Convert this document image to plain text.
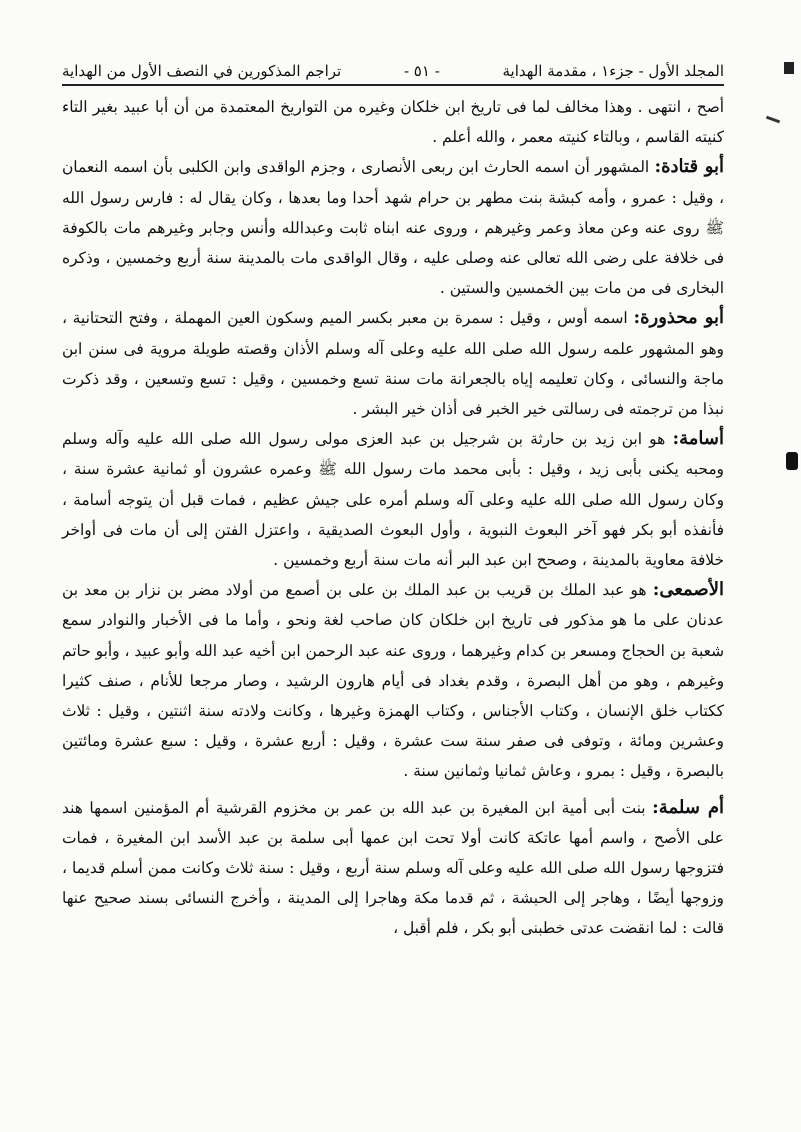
المجلد الأول - جزء١ ، مقدمة الهداية
- ٥١ -
تراجم المذكورين في النصف الأول من الهداية

أصح ، انتهى . وهذا مخالف لما فى تاريخ ابن خلكان وغيره من التواريخ المعتمدة من أن أبا عبيد بغير التاء كنيته القاسم ، وبالتاء كنيته معمر ، والله أعلم .

أبو قتادة: المشهور أن اسمه الحارث ابن ربعى الأنصارى ، وجزم الواقدى وابن الكلبى بأن اسمه النعمان ، وقيل : عمرو ، وأمه كبشة بنت مطهر بن حرام شهد أحدا وما بعدها ، وكان يقال له : فارس رسول الله ﷺ روى عنه وعن معاذ وعمر وغيرهم ، وروى عنه ابناه ثابت وعبدالله وأنس وجابر وغيرهم مات بالكوفة فى خلافة على رضى الله تعالى عنه وصلى عليه ، وقال الواقدى مات بالمدينة سنة أربع وخمسين ، وذكره البخارى فى من مات بين الخمسين والستين .

أبو محذورة: اسمه أوس ، وقيل : سمرة بن معبر بكسر الميم وسكون العين المهملة ، وفتح التحتانية ، وهو المشهور علمه رسول الله صلى الله عليه وعلى آله وسلم الأذان وقصته طويلة مروية فى سنن ابن ماجة والنسائى ، وكان تعليمه إياه بالجعرانة مات سنة تسع وخمسين ، وقيل : تسع وتسعين ، وقد ذكرت نبذا من ترجمته فى رسالتى خير الخبر فى أذان خير البشر .

أسامة: هو ابن زيد بن حارثة بن شرجيل بن عبد العزى مولى رسول الله صلى الله عليه وآله وسلم ومحبه يكنى بأبى زيد ، وقيل : بأبى محمد مات رسول الله ﷺ وعمره عشرون أو ثمانية عشرة سنة ، وكان رسول الله صلى الله عليه وعلى آله وسلم أمره على جيش عظيم ، فمات قبل أن يتوجه أسامة ، فأنفذه أبو بكر فهو آخر البعوث النبوية ، وأول البعوث الصديقية ، واعتزل الفتن إلى أن مات فى أواخر خلافة معاوية بالمدينة ، وصحح ابن عبد البر أنه مات سنة أربع وخمسين .

الأصمعى: هو عبد الملك بن قريب بن عبد الملك بن على بن أصمع من أولاد مضر بن نزار بن معد بن عدنان على ما هو مذكور فى تاريخ ابن خلكان كان صاحب لغة ونحو ، وأما ما فى الأخبار والنوادر سمع شعبة بن الحجاج ومسعر بن كدام وغيرهما ، وروى عنه عبد الرحمن ابن أخيه عبد الله وأبو عبيد ، وأبو حاتم وغيرهم ، وهو من أهل البصرة ، وقدم بغداد فى أيام هارون الرشيد ، وصار مرجعا للأنام ، صنف كثيرا ككتاب خلق الإنسان ، وكتاب الأجناس ، وكتاب الهمزة وغيرها ، وكانت ولادته سنة اثنتين ، وقيل : ثلاث وعشرين ومائة ، وتوفى فى صفر سنة ست عشرة ، وقيل : أربع عشرة ، وقيل : سبع عشرة ومائتين بالبصرة ، وقيل : بمرو ، وعاش ثمانيا وثمانين سنة .

أم سلمة: بنت أبى أمية ابن المغيرة بن عبد الله بن عمر بن مخزوم القرشية أم المؤمنين اسمها هند على الأصح ، واسم أمها عاتكة كانت أولا تحت ابن عمها أبى سلمة بن عبد الأسد ابن المغيرة ، فمات فتزوجها رسول الله صلى الله عليه وعلى آله وسلم سنة أربع ، وقيل : سنة ثلاث وكانت ممن أسلم قديما ، وزوجها أيضًا ، وهاجر إلى الحبشة ، ثم قدما مكة وهاجرا إلى المدينة ، وأخرج النسائى بسند صحيح عنها قالت : لما انقضت عدتى خطبنى أبو بكر ، فلم أقبل ،
